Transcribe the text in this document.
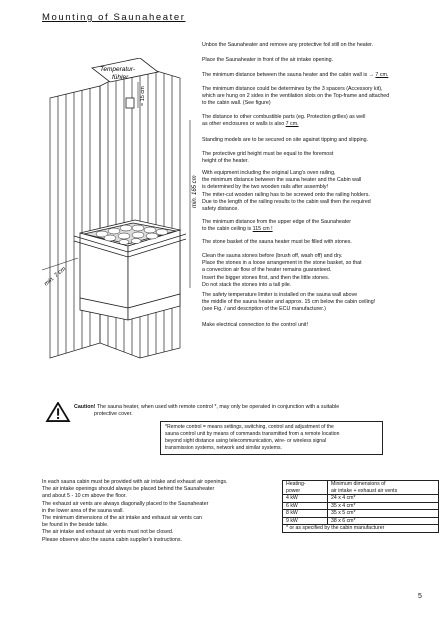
Mounting of Saunaheater
Temperatur-
fühler
= 15 cm
min. 165 cm
min. 7 cm

Unbox the Saunaheater and remove any protective foil still on the heater.

Place the Saunaheater in front of the air intake opening.

The minimum distance between the sauna heater and the cabin wall is → 7 cm.

The minimum distance could be determines by the 3 spacers (Accessory kit),

which are hung on 2 sides in the ventilation slots on the Top-frame and attached

to the cabin wall. (See figure)

The distance to other combustible parts (eg. Protection grilles) as well

as other enclosures or walls is also 7 cm.

Standing models are to be secured on site against tipping and slipping.

The protective grid height must be equal to the foremost

height of the heater.

With equipment including the original Lang's oven railing,

the minimum distance between the sauna heater and the Cabin wall

is determined by the two wooden rails after assembly!

The miter-cut wooden railing has to be screwed onto the railing holders.

Due to the length of the railing results to the cabin wall then the required

safety distance.

The minimum distance from the upper edge of the Saunaheater

to the cabin ceiling is 115 cm !

The stone basket of the sauna heater must be filled with stones.

Clean the sauna stones before (brush off, wash off) and dry.

Place the stones in a loose arrangement in the stone basket, so that

a convection air flow of the heater remains guaranteed.

Insert the bigger stones first, and then the little stones.

Do not stack the stones into a tall pile.

The safety temperature limiter is installed on the sauna wall above

the middle of the sauna heater and approx. 15 cm below the cabin ceiling!

(see Fig. / and description of the ECU manufacturer.)

Make electrical connection to the control unit!

Caution! The sauna heater, when used with remote control *, may only be operated in conjunction with a suitable
protective cover.
*Remote control = means settings, switching, control and adjustment of the
sauna control unit by means of commands transmitted from a remote location
beyond sight distance using telecommunication, wire- or wireless signal
transmission systems, network and similar systems.

In each sauna cabin must be provided with air intake and exhaust air openings.

The air intake openings should always be placed behind the Saunaheater

and about 5 - 10 cm above the floor.

The exhaust air vents are always diagonally placed to the Saunaheater

in the lower area of the sauna wall.

The minimum dimensions of the air intake and exhaust air vents can

be found in the beside table.

The air intake and exhaust air vents must not be closed.

Please observe also the sauna cabin supplier's instructions.

Heating-
power	Minimum dimensions of
air intake + exhaust air vents
4 kW	24 x 4 cm*
6 kW	35 x 4 cm*
8 kW	35 x 5 cm*
9 kW	38 x 6 cm*
* or as specified by the cabin manufacturer	
5
